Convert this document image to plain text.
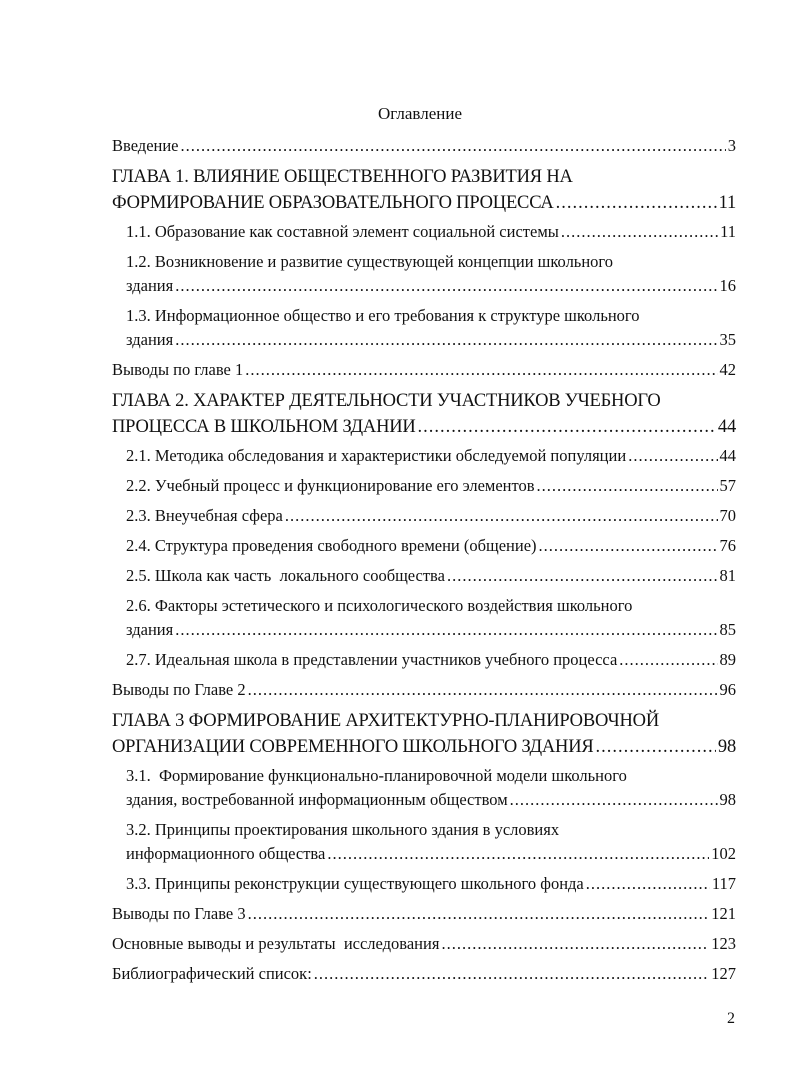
Оглавление
Введение .....	3
ГЛАВА 1. ВЛИЯНИЕ ОБЩЕСТВЕННОГО РАЗВИТИЯ НА
ФОРМИРОВАНИЕ ОБРАЗОВАТЕЛЬНОГО ПРОЦЕССА .....	11
1.1. Образование как составной элемент социальной системы .....	11
1.2. Возникновение и развитие существующей концепции школьного
здания .....	16
1.3. Информационное общество и его требования к структуре школьного
здания .....	35
Выводы по главе 1 .....	42
ГЛАВА 2. ХАРАКТЕР ДЕЯТЕЛЬНОСТИ УЧАСТНИКОВ УЧЕБНОГО
ПРОЦЕССА В ШКОЛЬНОМ ЗДАНИИ .....	44
2.1. Методика обследования и характеристики обследуемой популяции .....	44
2.2. Учебный процесс и функционирование его элементов .....	57
2.3. Внеучебная сфера .....	70
2.4. Структура проведения свободного времени (общение) .....	76
2.5. Школа как часть  локального сообщества .....	81
2.6. Факторы эстетического и психологического воздействия школьного
здания .....	85
2.7. Идеальная школа в представлении участников учебного процесса .....	89
Выводы по Главе 2 .....	96
ГЛАВА 3 ФОРМИРОВАНИЕ АРХИТЕКТУРНО-ПЛАНИРОВОЧНОЙ
ОРГАНИЗАЦИИ СОВРЕМЕННОГО ШКОЛЬНОГО ЗДАНИЯ .....	98
3.1.  Формирование функционально-планировочной модели школьного
здания, востребованной информационным обществом .....	98
3.2. Принципы проектирования школьного здания в условиях
информационного общества .....	102
3.3. Принципы реконструкции существующего школьного фонда .....	117
Выводы по Главе 3 .....	121
Основные выводы и результаты  исследования .....	123
Библиографический список: .....	127
2
